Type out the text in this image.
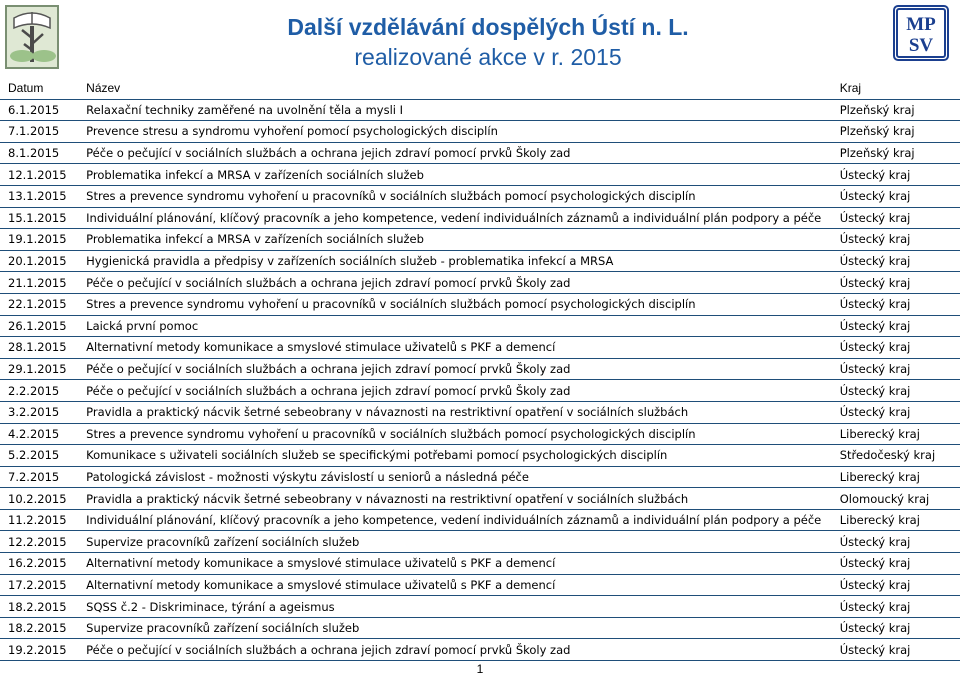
Další vzdělávání dospělých Ústí n. L.
realizované akce v r. 2015
MP
SV
Datum	Název	Kraj
6.1.2015	Relaxační techniky zaměřené na uvolnění těla a mysli I	Plzeňský kraj
7.1.2015	Prevence stresu a syndromu vyhoření pomocí psychologických disciplín	Plzeňský kraj
8.1.2015	Péče o pečující v sociálních službách a ochrana jejich zdraví pomocí prvků Školy zad	Plzeňský kraj
12.1.2015	Problematika infekcí a MRSA v zařízeních sociálních služeb	Ústecký kraj
13.1.2015	Stres a prevence syndromu vyhoření u pracovníků v sociálních službách pomocí psychologických disciplín	Ústecký kraj
15.1.2015	Individuální plánování, klíčový pracovník a jeho kompetence, vedení individuálních záznamů a individuální plán podpory a péče	Ústecký kraj
19.1.2015	Problematika infekcí a MRSA v zařízeních sociálních služeb	Ústecký kraj
20.1.2015	Hygienická pravidla a předpisy v zařízeních sociálních služeb - problematika infekcí a MRSA	Ústecký kraj
21.1.2015	Péče o pečující v sociálních službách a ochrana jejich zdraví pomocí prvků Školy zad	Ústecký kraj
22.1.2015	Stres a prevence syndromu vyhoření u pracovníků v sociálních službách pomocí psychologických disciplín	Ústecký kraj
26.1.2015	Laická první pomoc	Ústecký kraj
28.1.2015	Alternativní metody komunikace a smyslové stimulace uživatelů s PKF a demencí	Ústecký kraj
29.1.2015	Péče o pečující v sociálních službách a ochrana jejich zdraví pomocí prvků Školy zad	Ústecký kraj
2.2.2015	Péče o pečující v sociálních službách a ochrana jejich zdraví pomocí prvků Školy zad	Ústecký kraj
3.2.2015	Pravidla a praktický nácvik šetrné sebeobrany v návaznosti na restriktivní opatření v sociálních službách	Ústecký kraj
4.2.2015	Stres a prevence syndromu vyhoření u pracovníků v sociálních službách pomocí psychologických disciplín	Liberecký kraj
5.2.2015	Komunikace s uživateli sociálních služeb se specifickými potřebami pomocí psychologických disciplín	Středočeský kraj
7.2.2015	Patologická závislost - možnosti výskytu závislostí u seniorů a následná péče	Liberecký kraj
10.2.2015	Pravidla a praktický nácvik šetrné sebeobrany v návaznosti na restriktivní opatření v sociálních službách	Olomoucký kraj
11.2.2015	Individuální plánování, klíčový pracovník a jeho kompetence, vedení individuálních záznamů a individuální plán podpory a péče	Liberecký kraj
12.2.2015	Supervize pracovníků zařízení sociálních služeb	Ústecký kraj
16.2.2015	Alternativní metody komunikace a smyslové stimulace uživatelů s PKF a demencí	Ústecký kraj
17.2.2015	Alternativní metody komunikace a smyslové stimulace uživatelů s PKF a demencí	Ústecký kraj
18.2.2015	SQSS č.2 - Diskriminace, týrání a ageismus	Ústecký kraj
18.2.2015	Supervize pracovníků zařízení sociálních služeb	Ústecký kraj
19.2.2015	Péče o pečující v sociálních službách a ochrana jejich zdraví pomocí prvků Školy zad	Ústecký kraj
1
